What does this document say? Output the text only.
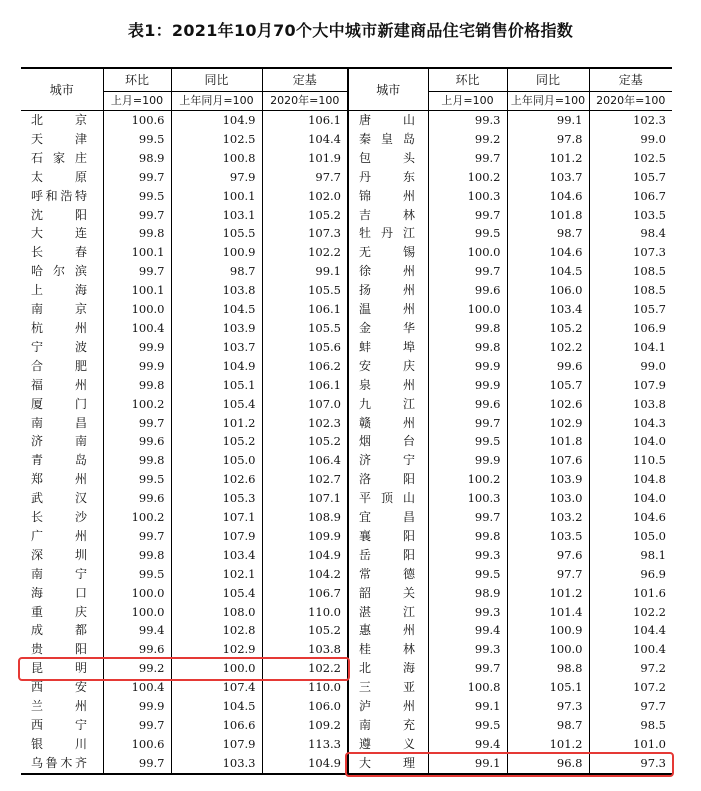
表1：2021年10月70个大中城市新建商品住宅销售价格指数
城市	环比	同比	定基	城市	环比	同比	定基
	上月=100	上年同月=100	2020年=100		上月=100	上年同月=100	2020年=100
北京	100.6	104.9	106.1	唐山	99.3	99.1	102.3
天津	99.5	102.5	104.4	秦皇岛	99.2	97.8	99.0
石家庄	98.9	100.8	101.9	包头	99.7	101.2	102.5
太原	99.7	97.9	97.7	丹东	100.2	103.7	105.7
呼和浩特	99.5	100.1	102.0	锦州	100.3	104.6	106.7
沈阳	99.7	103.1	105.2	吉林	99.7	101.8	103.5
大连	99.8	105.5	107.3	牡丹江	99.5	98.7	98.4
长春	100.1	100.9	102.2	无锡	100.0	104.6	107.3
哈尔滨	99.7	98.7	99.1	徐州	99.7	104.5	108.5
上海	100.1	103.8	105.5	扬州	99.6	106.0	108.5
南京	100.0	104.5	106.1	温州	100.0	103.4	105.7
杭州	100.4	103.9	105.5	金华	99.8	105.2	106.9
宁波	99.9	103.7	105.6	蚌埠	99.8	102.2	104.1
合肥	99.9	104.9	106.2	安庆	99.9	99.6	99.0
福州	99.8	105.1	106.1	泉州	99.9	105.7	107.9
厦门	100.2	105.4	107.0	九江	99.6	102.6	103.8
南昌	99.7	101.2	102.3	赣州	99.7	102.9	104.3
济南	99.6	105.2	105.2	烟台	99.5	101.8	104.0
青岛	99.8	105.0	106.4	济宁	99.9	107.6	110.5
郑州	99.5	102.6	102.7	洛阳	100.2	103.9	104.8
武汉	99.6	105.3	107.1	平顶山	100.3	103.0	104.0
长沙	100.2	107.1	108.9	宜昌	99.7	103.2	104.6
广州	99.7	107.9	109.9	襄阳	99.8	103.5	105.0
深圳	99.8	103.4	104.9	岳阳	99.3	97.6	98.1
南宁	99.5	102.1	104.2	常德	99.5	97.7	96.9
海口	100.0	105.4	106.7	韶关	98.9	101.2	101.6
重庆	100.0	108.0	110.0	湛江	99.3	101.4	102.2
成都	99.4	102.8	105.2	惠州	99.4	100.9	104.4
贵阳	99.6	102.9	103.8	桂林	99.3	100.0	100.4
昆明	99.2	100.0	102.2	北海	99.7	98.8	97.2
西安	100.4	107.4	110.0	三亚	100.8	105.1	107.2
兰州	99.9	104.5	106.0	泸州	99.1	97.3	97.7
西宁	99.7	106.6	109.2	南充	99.5	98.7	98.5
银川	100.6	107.9	113.3	遵义	99.4	101.2	101.0
乌鲁木齐	99.7	103.3	104.9	大理	99.1	96.8	97.3
